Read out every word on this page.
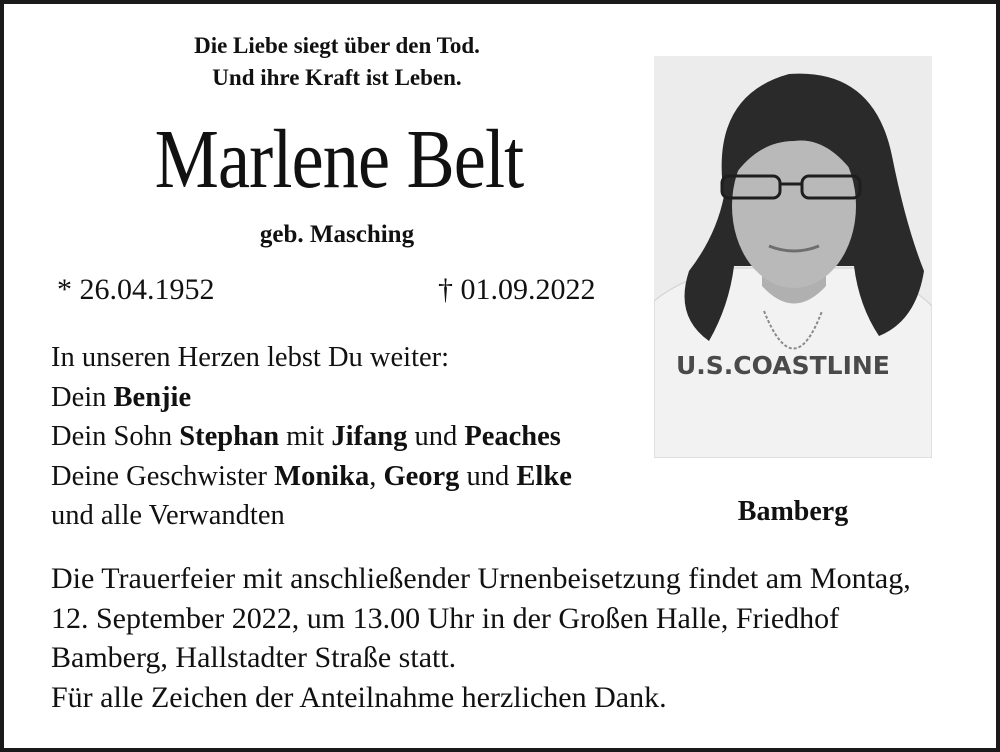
Die Liebe siegt über den Tod.
Und ihre Kraft ist Leben.
Marlene Belt
geb. Masching
* 26.04.1952	† 01.09.2022
In unseren Herzen lebst Du weiter:
Dein Benjie
Dein Sohn Stephan mit Jifang und Peaches
Deine Geschwister Monika, Georg und Elke
und alle Verwandten
U.S.COASTLINE
Bamberg
Die Trauerfeier mit anschließender Urnenbeisetzung findet am Montag,
12. September 2022, um 13.00 Uhr in der Großen Halle, Friedhof
Bamberg, Hallstadter Straße statt.
Für alle Zeichen der Anteilnahme herzlichen Dank.
